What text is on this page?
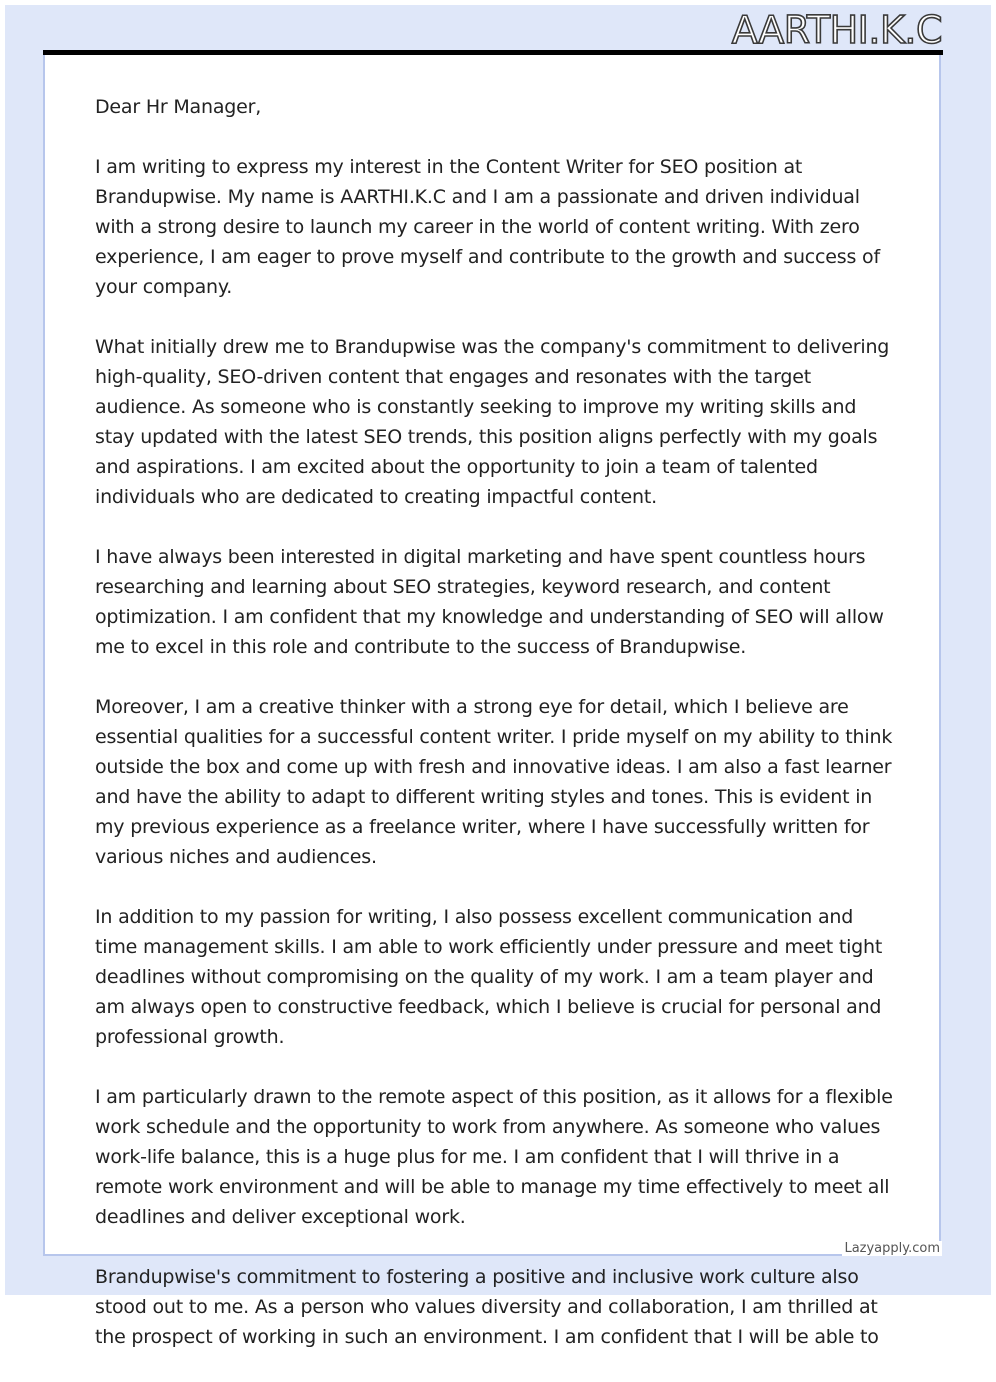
AARTHI.K.C

Dear Hr Manager,

I am writing to express my interest in the Content Writer for SEO position at Brandupwise. My name is AARTHI.K.C and I am a passionate and driven individual with a strong desire to launch my career in the world of content writing. With zero experience, I am eager to prove myself and contribute to the growth and success of your company.

What initially drew me to Brandupwise was the company's commitment to delivering high-quality, SEO-driven content that engages and resonates with the target audience. As someone who is constantly seeking to improve my writing skills and stay updated with the latest SEO trends, this position aligns perfectly with my goals and aspirations. I am excited about the opportunity to join a team of talented individuals who are dedicated to creating impactful content.

I have always been interested in digital marketing and have spent countless hours researching and learning about SEO strategies, keyword research, and content optimization. I am confident that my knowledge and understanding of SEO will allow me to excel in this role and contribute to the success of Brandupwise.

Moreover, I am a creative thinker with a strong eye for detail, which I believe are essential qualities for a successful content writer. I pride myself on my ability to think outside the box and come up with fresh and innovative ideas. I am also a fast learner and have the ability to adapt to different writing styles and tones. This is evident in my previous experience as a freelance writer, where I have successfully written for various niches and audiences.

In addition to my passion for writing, I also possess excellent communication and time management skills. I am able to work efficiently under pressure and meet tight deadlines without compromising on the quality of my work. I am a team player and am always open to constructive feedback, which I believe is crucial for personal and professional growth.

I am particularly drawn to the remote aspect of this position, as it allows for a flexible work schedule and the opportunity to work from anywhere. As someone who values work-life balance, this is a huge plus for me. I am confident that I will thrive in a remote work environment and will be able to manage my time effectively to meet all deadlines and deliver exceptional work.

Brandupwise's commitment to fostering a positive and inclusive work culture also stood out to me. As a person who values diversity and collaboration, I am thrilled at the prospect of working in such an environment. I am confident that I will be able to

Lazyapply.com
